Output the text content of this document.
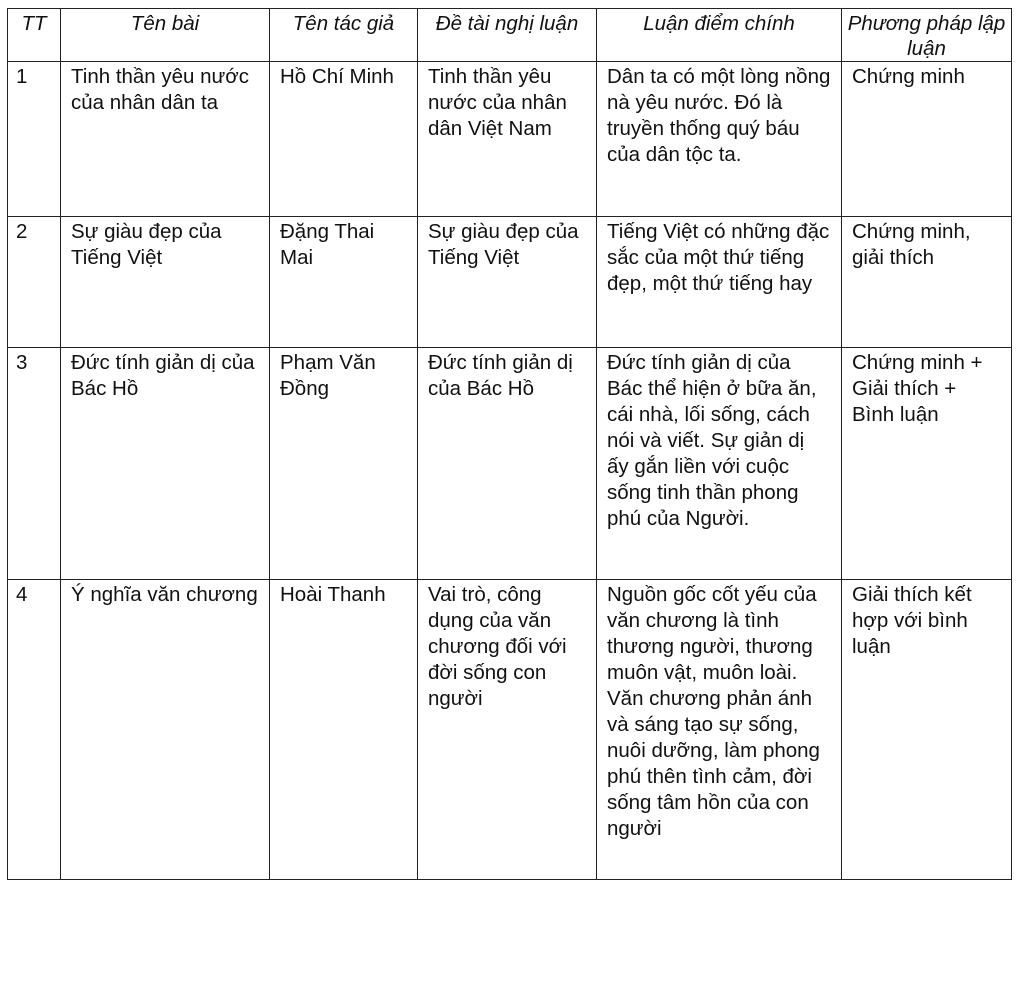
TT	Tên bài	Tên tác giả	Đề tài nghị luận	Luận điểm chính	Phương pháp lập luận
1	Tinh thần yêu nước của nhân dân ta	Hồ Chí Minh	Tinh thần yêu nước của nhân dân Việt Nam	Dân ta có một lòng nồng nà yêu nước. Đó là truyền thống quý báu của dân tộc ta.	Chứng minh
2	Sự giàu đẹp của Tiếng Việt	Đặng Thai Mai	Sự giàu đẹp của Tiếng Việt	Tiếng Việt có những đặc sắc của một thứ tiếng đẹp, một thứ tiếng hay	Chứng minh, giải thích
3	Đức tính giản dị của Bác Hồ	Phạm Văn Đồng	Đức tính giản dị của Bác Hồ	Đức tính giản dị của Bác thể hiện ở bữa ăn, cái nhà, lối sống, cách nói và viết. Sự giản dị ấy gắn liền với cuộc sống tinh thần phong phú của Người.	Chứng minh + Giải thích + Bình luận
4	Ý nghĩa văn chương	Hoài Thanh	Vai trò, công dụng của văn chương đối với đời sống con người	Nguồn gốc cốt yếu của văn chương là tình thương người, thương muôn vật, muôn loài. Văn chương phản ánh và sáng tạo sự sống, nuôi dưỡng, làm phong phú thên tình cảm, đời sống tâm hồn của con người	Giải thích kết hợp với bình luận
